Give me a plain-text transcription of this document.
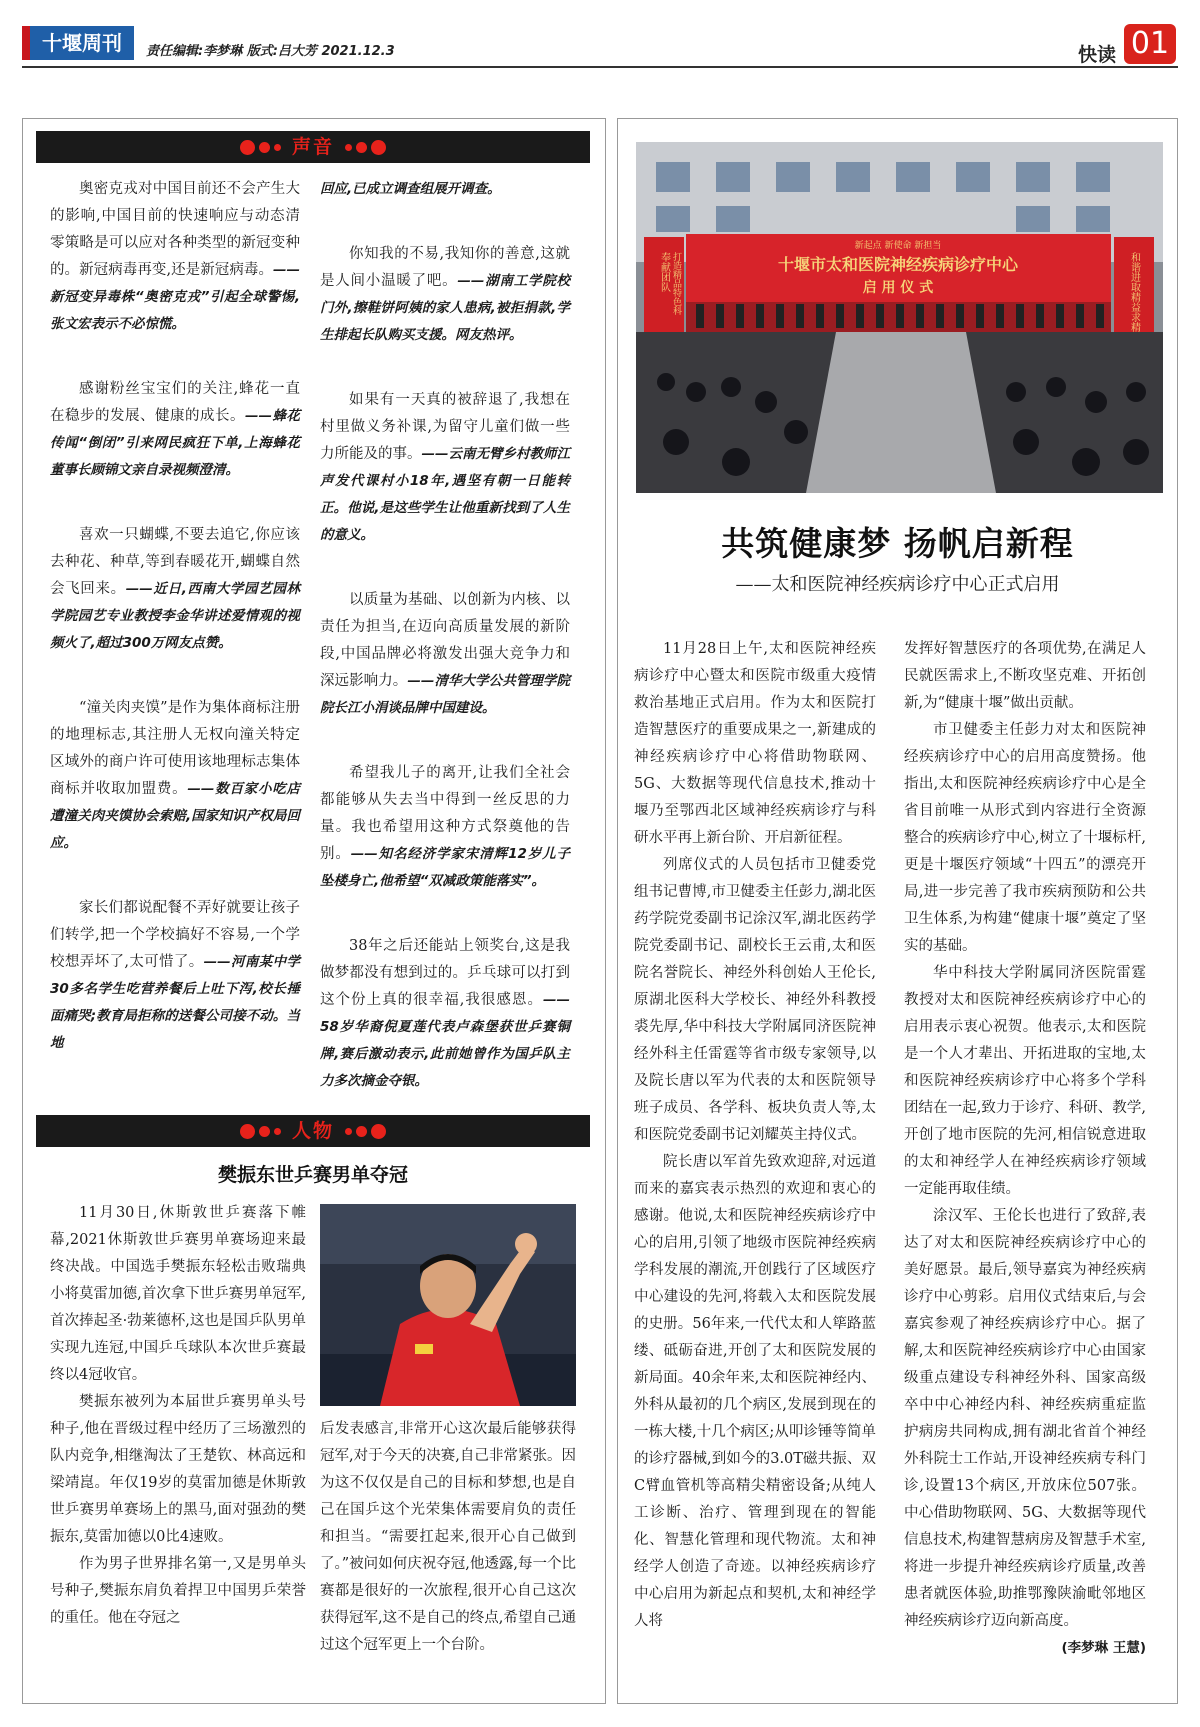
十堰周刊	责任编辑:李梦琳 版式:吕大芳 2021.12.3	快读 01
声音

奥密克戎对中国目前还不会产生大的影响,中国目前的快速响应与动态清零策略是可以应对各种类型的新冠变种的。新冠病毒再变,还是新冠病毒。——新冠变异毒株“奥密克戎”引起全球警惕,张文宏表示不必惊慌。

感谢粉丝宝宝们的关注,蜂花一直在稳步的发展、健康的成长。——蜂花传闻“倒闭”引来网民疯狂下单,上海蜂花董事长顾锦文亲自录视频澄清。

喜欢一只蝴蝶,不要去追它,你应该去种花、种草,等到春暖花开,蝴蝶自然会飞回来。——近日,西南大学园艺园林学院园艺专业教授李金华讲述爱情观的视频火了,超过300万网友点赞。

“潼关肉夹馍”是作为集体商标注册的地理标志,其注册人无权向潼关特定区域外的商户许可使用该地理标志集体商标并收取加盟费。——数百家小吃店遭潼关肉夹馍协会索赔,国家知识产权局回应。

家长们都说配餐不弄好就要让孩子们转学,把一个学校搞好不容易,一个学校想弄坏了,太可惜了。——河南某中学30多名学生吃营养餐后上吐下泻,校长捶面痛哭;教育局拒称的送餐公司接不动。当地

回应,已成立调查组展开调查。

你知我的不易,我知你的善意,这就是人间小温暖了吧。——湖南工学院校门外,擦鞋饼阿姨的家人患病,被拒捐款,学生排起长队购买支援。网友热评。

如果有一天真的被辞退了,我想在村里做义务补课,为留守儿童们做一些力所能及的事。——云南无臂乡村教师江声发代课村小18年,遇坚有朝一日能转正。他说,是这些学生让他重新找到了人生的意义。

以质量为基础、以创新为内核、以责任为担当,在迈向高质量发展的新阶段,中国品牌必将激发出强大竞争力和深远影响力。——清华大学公共管理学院院长江小涓谈品牌中国建设。

希望我儿子的离开,让我们全社会都能够从失去当中得到一丝反思的力量。我也希望用这种方式祭奠他的告别。——知名经济学家宋清辉12岁儿子坠楼身亡,他希望“双减政策能落实”。

38年之后还能站上领奖台,这是我做梦都没有想到过的。乒乓球可以打到这个份上真的很幸福,我很感恩。——58岁华裔倪夏莲代表卢森堡获世乒赛铜牌,赛后激动表示,此前她曾作为国乒队主力多次摘金夺银。

人物
樊振东世乒赛男单夺冠

11月30日,休斯敦世乒赛落下帷幕,2021休斯敦世乒赛男单赛场迎来最终决战。中国选手樊振东轻松击败瑞典小将莫雷加德,首次拿下世乒赛男单冠军,首次捧起圣·勃莱德杯,这也是国乒队男单实现九连冠,中国乒乓球队本次世乒赛最终以4冠收官。

樊振东被列为本届世乒赛男单头号种子,他在晋级过程中经历了三场激烈的队内竞争,相继淘汰了王楚钦、林高远和梁靖崑。年仅19岁的莫雷加德是休斯敦世乒赛男单赛场上的黑马,面对强劲的樊振东,莫雷加德以0比4速败。

作为男子世界排名第一,又是男单头号种子,樊振东肩负着捍卫中国男乒荣誉的重任。他在夺冠之

后发表感言,非常开心这次最后能够获得冠军,对于今天的决赛,自己非常紧张。因为这不仅仅是自己的目标和梦想,也是自己在国乒这个光荣集体需要肩负的责任和担当。“需要扛起来,很开心自己做到了。”被问如何庆祝夺冠,他透露,每一个比赛都是很好的一次旅程,很开心自己这次获得冠军,这不是自己的终点,希望自己通过这个冠军更上一个台阶。

新起点 新使命 新担当
十堰市太和医院神经疾病诊疗中心
启 用 仪 式
奉献团队 打造精品特色科	和谐进取精益求精
共筑健康梦 扬帆启新程
——太和医院神经疾病诊疗中心正式启用

11月28日上午,太和医院神经疾病诊疗中心暨太和医院市级重大疫情救治基地正式启用。作为太和医院打造智慧医疗的重要成果之一,新建成的神经疾病诊疗中心将借助物联网、5G、大数据等现代信息技术,推动十堰乃至鄂西北区域神经疾病诊疗与科研水平再上新台阶、开启新征程。

列席仪式的人员包括市卫健委党组书记曹博,市卫健委主任彭力,湖北医药学院党委副书记涂汉军,湖北医药学院党委副书记、副校长王云甫,太和医院名誉院长、神经外科创始人王伦长,原湖北医科大学校长、神经外科教授裘先厚,华中科技大学附属同济医院神经外科主任雷霆等省市级专家领导,以及院长唐以军为代表的太和医院领导班子成员、各学科、板块负责人等,太和医院党委副书记刘耀英主持仪式。

院长唐以军首先致欢迎辞,对远道而来的嘉宾表示热烈的欢迎和衷心的感谢。他说,太和医院神经疾病诊疗中心的启用,引领了地级市医院神经疾病学科发展的潮流,开创践行了区域医疗中心建设的先河,将载入太和医院发展的史册。56年来,一代代太和人筚路蓝缕、砥砺奋进,开创了太和医院发展的新局面。40余年来,太和医院神经内、外科从最初的几个病区,发展到现在的一栋大楼,十几个病区;从叩诊锤等简单的诊疗器械,到如今的3.0T磁共振、双C臂血管机等高精尖精密设备;从纯人工诊断、治疗、管理到现在的智能化、智慧化管理和现代物流。太和神经学人创造了奇迹。以神经疾病诊疗中心启用为新起点和契机,太和神经学人将

发挥好智慧医疗的各项优势,在满足人民就医需求上,不断攻坚克难、开拓创新,为“健康十堰”做出贡献。

市卫健委主任彭力对太和医院神经疾病诊疗中心的启用高度赞扬。他指出,太和医院神经疾病诊疗中心是全省目前唯一从形式到内容进行全资源整合的疾病诊疗中心,树立了十堰标杆,更是十堰医疗领域“十四五”的漂亮开局,进一步完善了我市疾病预防和公共卫生体系,为构建“健康十堰”奠定了坚实的基础。

华中科技大学附属同济医院雷霆教授对太和医院神经疾病诊疗中心的启用表示衷心祝贺。他表示,太和医院是一个人才辈出、开拓进取的宝地,太和医院神经疾病诊疗中心将多个学科团结在一起,致力于诊疗、科研、教学,开创了地市医院的先河,相信锐意进取的太和神经学人在神经疾病诊疗领域一定能再取佳绩。

涂汉军、王伦长也进行了致辞,表达了对太和医院神经疾病诊疗中心的美好愿景。最后,领导嘉宾为神经疾病诊疗中心剪彩。启用仪式结束后,与会嘉宾参观了神经疾病诊疗中心。据了解,太和医院神经疾病诊疗中心由国家级重点建设专科神经外科、国家高级卒中中心神经内科、神经疾病重症监护病房共同构成,拥有湖北省首个神经外科院士工作站,开设神经疾病专科门诊,设置13个病区,开放床位507张。中心借助物联网、5G、大数据等现代信息技术,构建智慧病房及智慧手术室,将进一步提升神经疾病诊疗质量,改善患者就医体验,助推鄂豫陕渝毗邻地区神经疾病诊疗迈向新高度。

(李梦琳 王慧)
